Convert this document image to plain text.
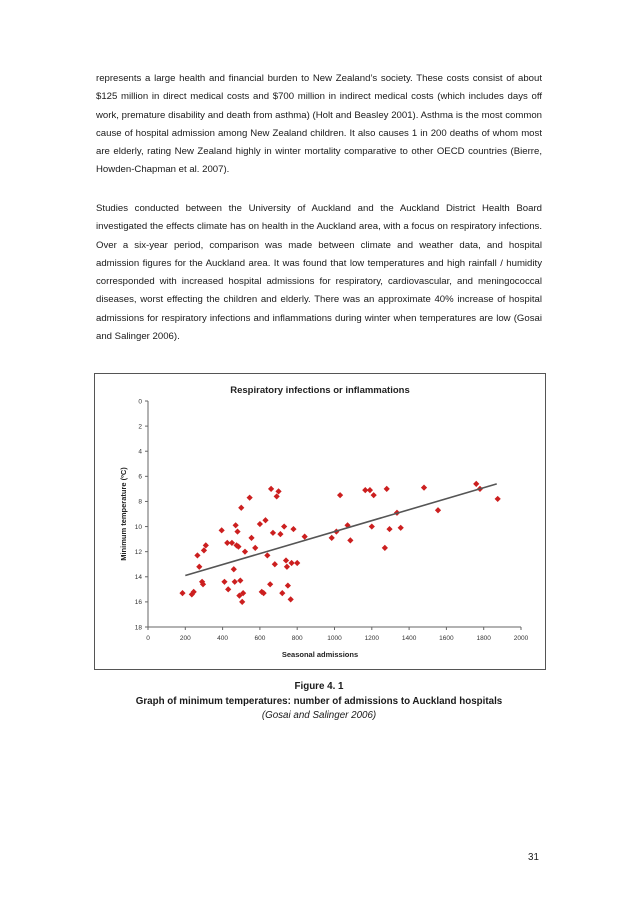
represents a large health and financial burden to New Zealand’s society. These costs consist of about $125 million in direct medical costs and $700 million in indirect medical costs (which includes days off work, premature disability and death from asthma) (Holt and Beasley 2001). Asthma is the most common cause of hospital admission among New Zealand children. It also causes 1 in 200 deaths of whom most are elderly, rating New Zealand highly in winter mortality comparative to other OECD countries (Bierre, Howden-Chapman et al. 2007).

Studies conducted between the University of Auckland and the Auckland District Health Board investigated the effects climate has on health in the Auckland area, with a focus on respiratory infections. Over a six-year period, comparison was made between climate and weather data, and hospital admission figures for the Auckland area. It was found that low temperatures and high rainfall / humidity corresponded with increased hospital admissions for respiratory, cardiovascular, and meningococcal diseases, worst effecting the children and elderly. There was an approximate 40% increase of hospital admissions for respiratory infections and inflammations during winter when temperatures are low (Gosai and Salinger 2006).

Respiratory infections or inflammations
Seasonal admissions
Minimum temperature (ºC)
0	200	400	600	800	1000	1200	1400	1600	1800	2000
0
2
4
6
8
10
12
14
16
18
Figure 4. 1
Graph of minimum temperatures: number of admissions to Auckland hospitals
(Gosai and Salinger 2006)
31
